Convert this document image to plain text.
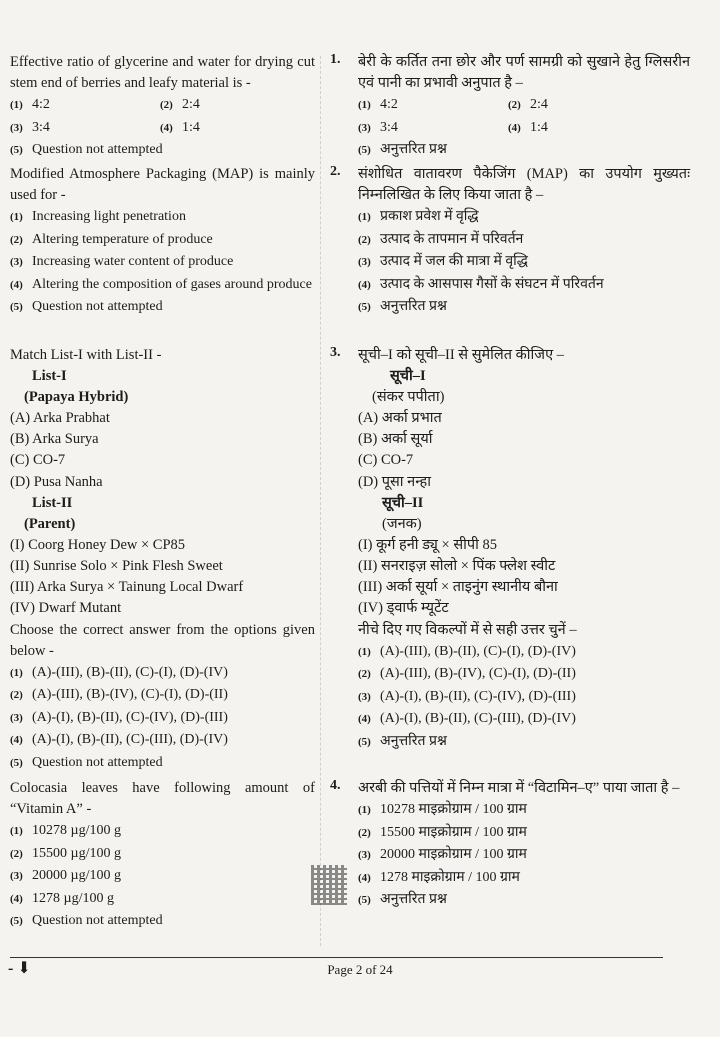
Effective ratio of glycerine and water for drying cut stem end of berries and leafy material is -
(1) 4:2	(2) 2:4
(3) 3:4	(4) 1:4
(5) Question not attempted
Modified Atmosphere Packaging (MAP) is mainly used for -
(1) Increasing light penetration
(2) Altering temperature of produce
(3) Increasing water content of produce
(4) Altering the composition of gases around produce
(5) Question not attempted
Match List-I with List-II -
List-I
(Papaya Hybrid)
(A) Arka Prabhat
(B) Arka Surya
(C) CO-7
(D) Pusa Nanha
List-II
(Parent)
(I) Coorg Honey Dew × CP85
(II) Sunrise Solo × Pink Flesh Sweet
(III) Arka Surya × Tainung Local Dwarf
(IV) Dwarf Mutant
Choose the correct answer from the options given below -
(1) (A)-(III), (B)-(II), (C)-(I), (D)-(IV)
(2) (A)-(III), (B)-(IV), (C)-(I), (D)-(II)
(3) (A)-(I), (B)-(II), (C)-(IV), (D)-(III)
(4) (A)-(I), (B)-(II), (C)-(III), (D)-(IV)
(5) Question not attempted
Colocasia leaves have following amount of “Vitamin A” -
(1) 10278 µg/100 g
(2) 15500 µg/100 g
(3) 20000 µg/100 g
(4) 1278 µg/100 g
(5) Question not attempted
1. बेरी के कर्तित तना छोर और पर्ण सामग्री को सुखाने हेतु ग्लिसरीन एवं पानी का प्रभावी अनुपात है –
(1) 4:2	(2) 2:4
(3) 3:4	(4) 1:4
(5) अनुत्तरित प्रश्न
2. संशोधित वातावरण पैकेजिंग (MAP) का उपयोग मुख्यतः निम्नलिखित के लिए किया जाता है –
(1) प्रकाश प्रवेश में वृद्धि
(2) उत्पाद के तापमान में परिवर्तन
(3) उत्पाद में जल की मात्रा में वृद्धि
(4) उत्पाद के आसपास गैसों के संघटन में परिवर्तन
(5) अनुत्तरित प्रश्न
3. सूची–I को सूची–II से सुमेलित कीजिए –
सूची–I
(संकर पपीता)
(A) अर्का प्रभात
(B) अर्का सूर्या
(C) CO-7
(D) पूसा नन्हा
सूची–II
(जनक)
(I) कूर्ग हनी ड्यू × सीपी 85
(II) सनराइज़ सोलो × पिंक फ्लेश स्वीट
(III) अर्का सूर्या × ताइनुंग स्थानीय बौना
(IV) ड्वार्फ म्यूटेंट
नीचे दिए गए विकल्पों में से सही उत्तर चुनें –
(1) (A)-(III), (B)-(II), (C)-(I), (D)-(IV)
(2) (A)-(III), (B)-(IV), (C)-(I), (D)-(II)
(3) (A)-(I), (B)-(II), (C)-(IV), (D)-(III)
(4) (A)-(I), (B)-(II), (C)-(III), (D)-(IV)
(5) अनुत्तरित प्रश्न
4. अरबी की पत्तियों में निम्न मात्रा में “विटामिन–ए” पाया जाता है –
(1) 10278 माइक्रोग्राम / 100 ग्राम
(2) 15500 माइक्रोग्राम / 100 ग्राम
(3) 20000 माइक्रोग्राम / 100 ग्राम
(4) 1278 माइक्रोग्राम / 100 ग्राम
(5) अनुत्तरित प्रश्न
- ⬇	Page 2 of 24
